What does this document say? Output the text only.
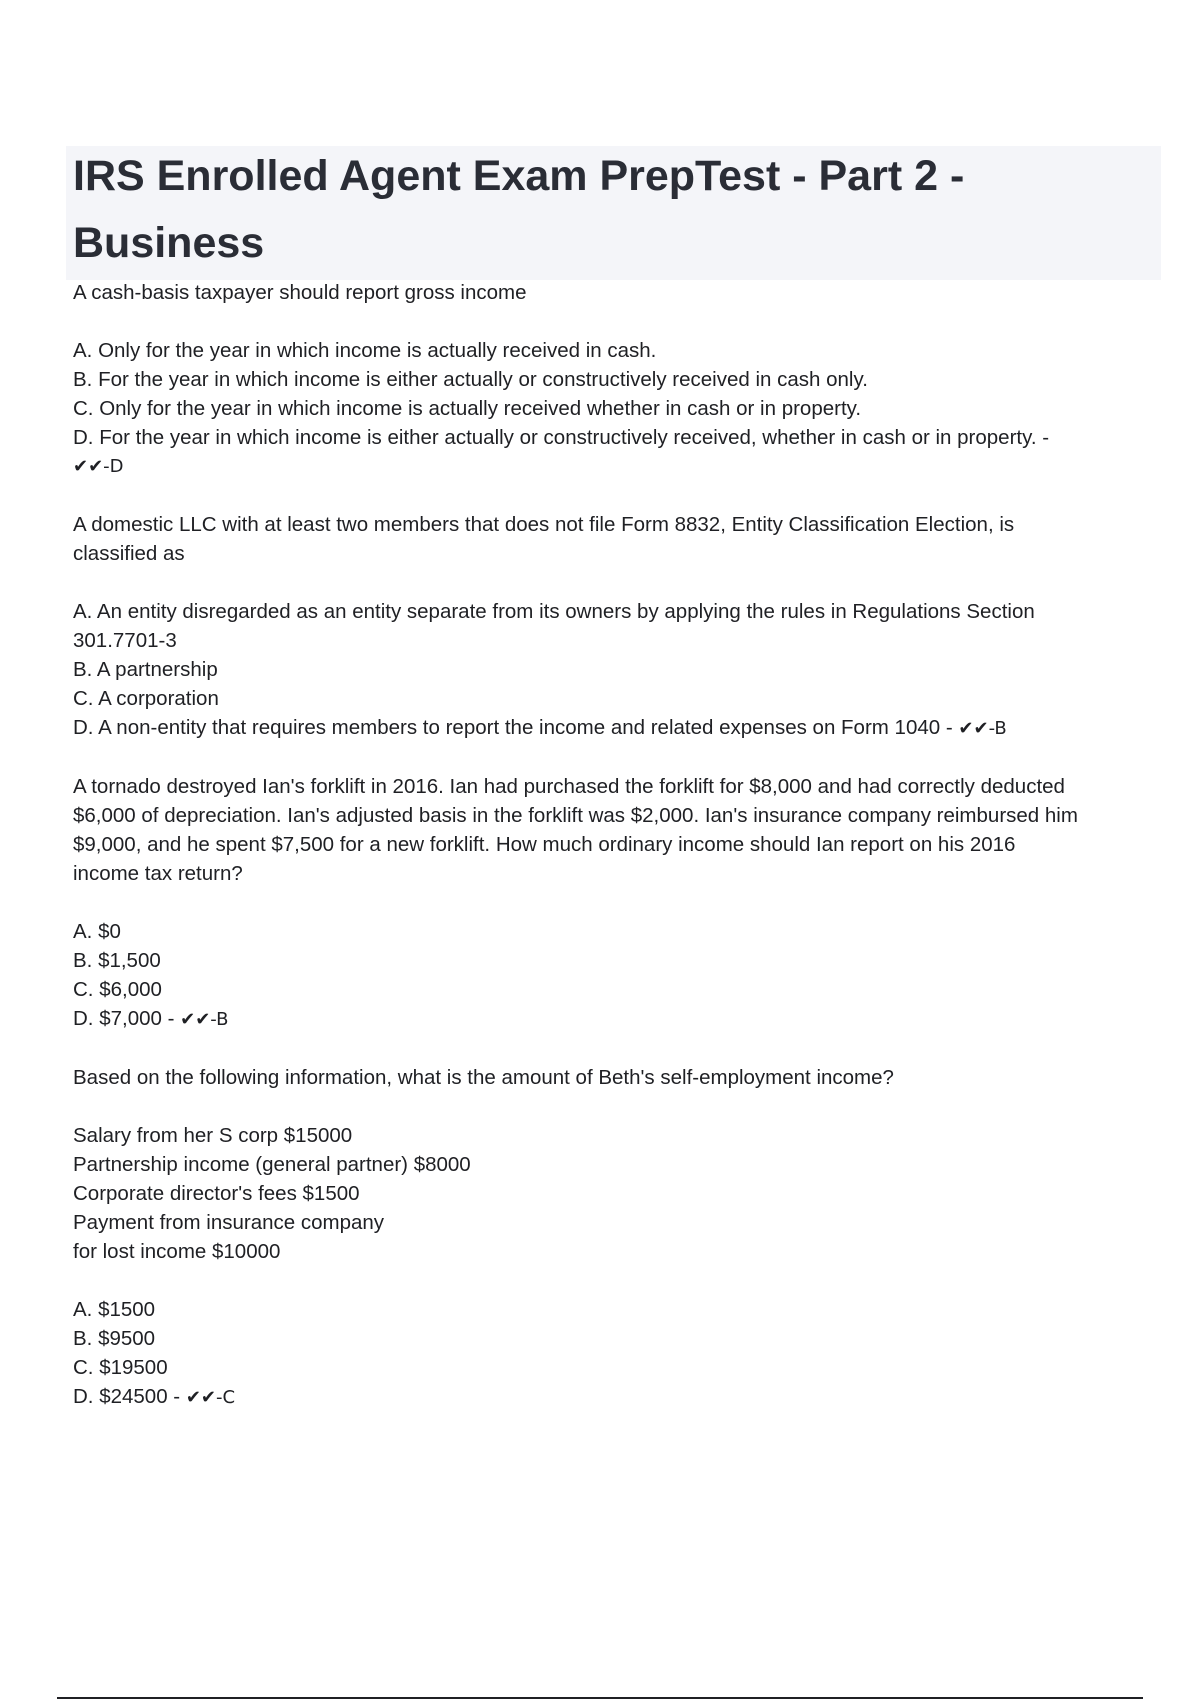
IRS Enrolled Agent Exam PrepTest - Part 2 - Business
A cash-basis taxpayer should report gross income
A. Only for the year in which income is actually received in cash.
B. For the year in which income is either actually or constructively received in cash only.
C. Only for the year in which income is actually received whether in cash or in property.
D. For the year in which income is either actually or constructively received, whether in cash or in property. -
✔✔-D
A domestic LLC with at least two members that does not file Form 8832, Entity Classification Election, is
classified as
A. An entity disregarded as an entity separate from its owners by applying the rules in Regulations Section
301.7701-3
B. A partnership
C. A corporation
D. A non-entity that requires members to report the income and related expenses on Form 1040 - ✔✔-B
A tornado destroyed Ian's forklift in 2016. Ian had purchased the forklift for $8,000 and had correctly deducted
$6,000 of depreciation. Ian's adjusted basis in the forklift was $2,000. Ian's insurance company reimbursed him
$9,000, and he spent $7,500 for a new forklift. How much ordinary income should Ian report on his 2016
income tax return?
A. $0
B. $1,500
C. $6,000
D. $7,000 - ✔✔-B
Based on the following information, what is the amount of Beth's self-employment income?
Salary from her S corp $15000
Partnership income (general partner) $8000
Corporate director's fees $1500
Payment from insurance company
for lost income $10000
A. $1500
B. $9500
C. $19500
D. $24500 - ✔✔-C
